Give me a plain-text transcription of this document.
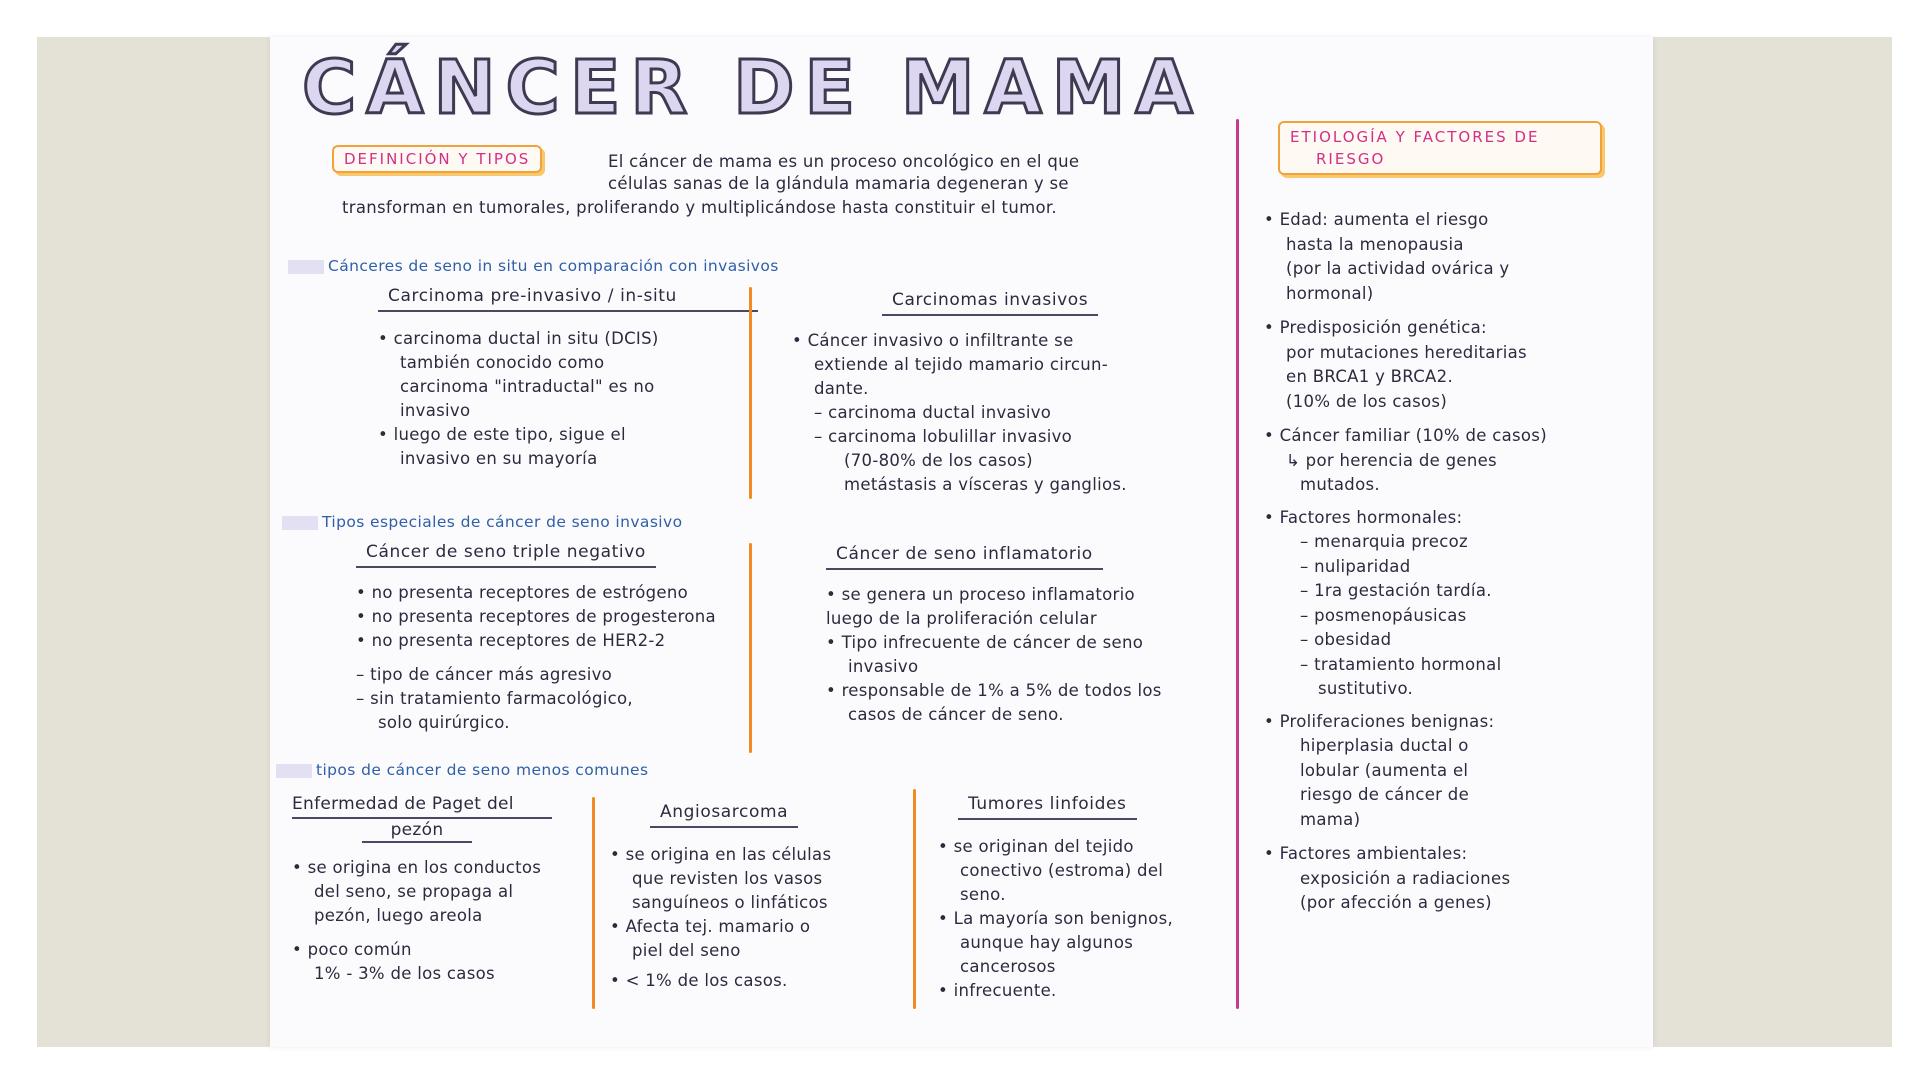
CÁNCER DE MAMA
DEFINICIÓN Y TIPOS	El cáncer de mama es un proceso oncológico en el que
células sanas de la glándula mamaria degeneran y se
transforman en tumorales, proliferando y multiplicándose hasta constituir el tumor.
Cánceres de seno in situ en comparación con invasivos
Carcinoma pre-invasivo / in-situ
• carcinoma ductal in situ (DCIS)
también conocido como
carcinoma "intraductal" es no
invasivo
• luego de este tipo, sigue el
invasivo en su mayoría
Carcinomas invasivos
• Cáncer invasivo o infiltrante se
extiende al tejido mamario circun-
dante.
– carcinoma ductal invasivo
– carcinoma lobulillar invasivo
(70-80% de los casos)
metástasis a vísceras y ganglios.
Tipos especiales de cáncer de seno invasivo
Cáncer de seno triple negativo
• no presenta receptores de estrógeno
• no presenta receptores de progesterona
• no presenta receptores de HER2-2
– tipo de cáncer más agresivo
– sin tratamiento farmacológico,
solo quirúrgico.
Cáncer de seno inflamatorio
• se genera un proceso inflamatorio
luego de la proliferación celular
• Tipo infrecuente de cáncer de seno
invasivo
• responsable de 1% a 5% de todos los
casos de cáncer de seno.
tipos de cáncer de seno menos comunes
Enfermedad de Paget del
pezón
• se origina en los conductos
del seno, se propaga al
pezón, luego areola
• poco común
1% - 3% de los casos
Angiosarcoma
• se origina en las células
que revisten los vasos
sanguíneos o linfáticos
• Afecta tej. mamario o
piel del seno
• < 1% de los casos.
Tumores linfoides
• se originan del tejido
conectivo (estroma) del
seno.
• La mayoría son benignos,
aunque hay algunos
cancerosos
• infrecuente.
ETIOLOGÍA Y FACTORES DE
RIESGO
• Edad: aumenta el riesgo
hasta la menopausia
(por la actividad ovárica y
hormonal)
• Predisposición genética:
por mutaciones hereditarias
en BRCA1 y BRCA2.
(10% de los casos)
• Cáncer familiar (10% de casos)
↳ por herencia de genes
mutados.
• Factores hormonales:
– menarquia precoz
– nuliparidad
– 1ra gestación tardía.
– posmenopáusicas
– obesidad
– tratamiento hormonal
sustitutivo.
• Proliferaciones benignas:
hiperplasia ductal o
lobular (aumenta el
riesgo de cáncer de
mama)
• Factores ambientales:
exposición a radiaciones
(por afección a genes)
